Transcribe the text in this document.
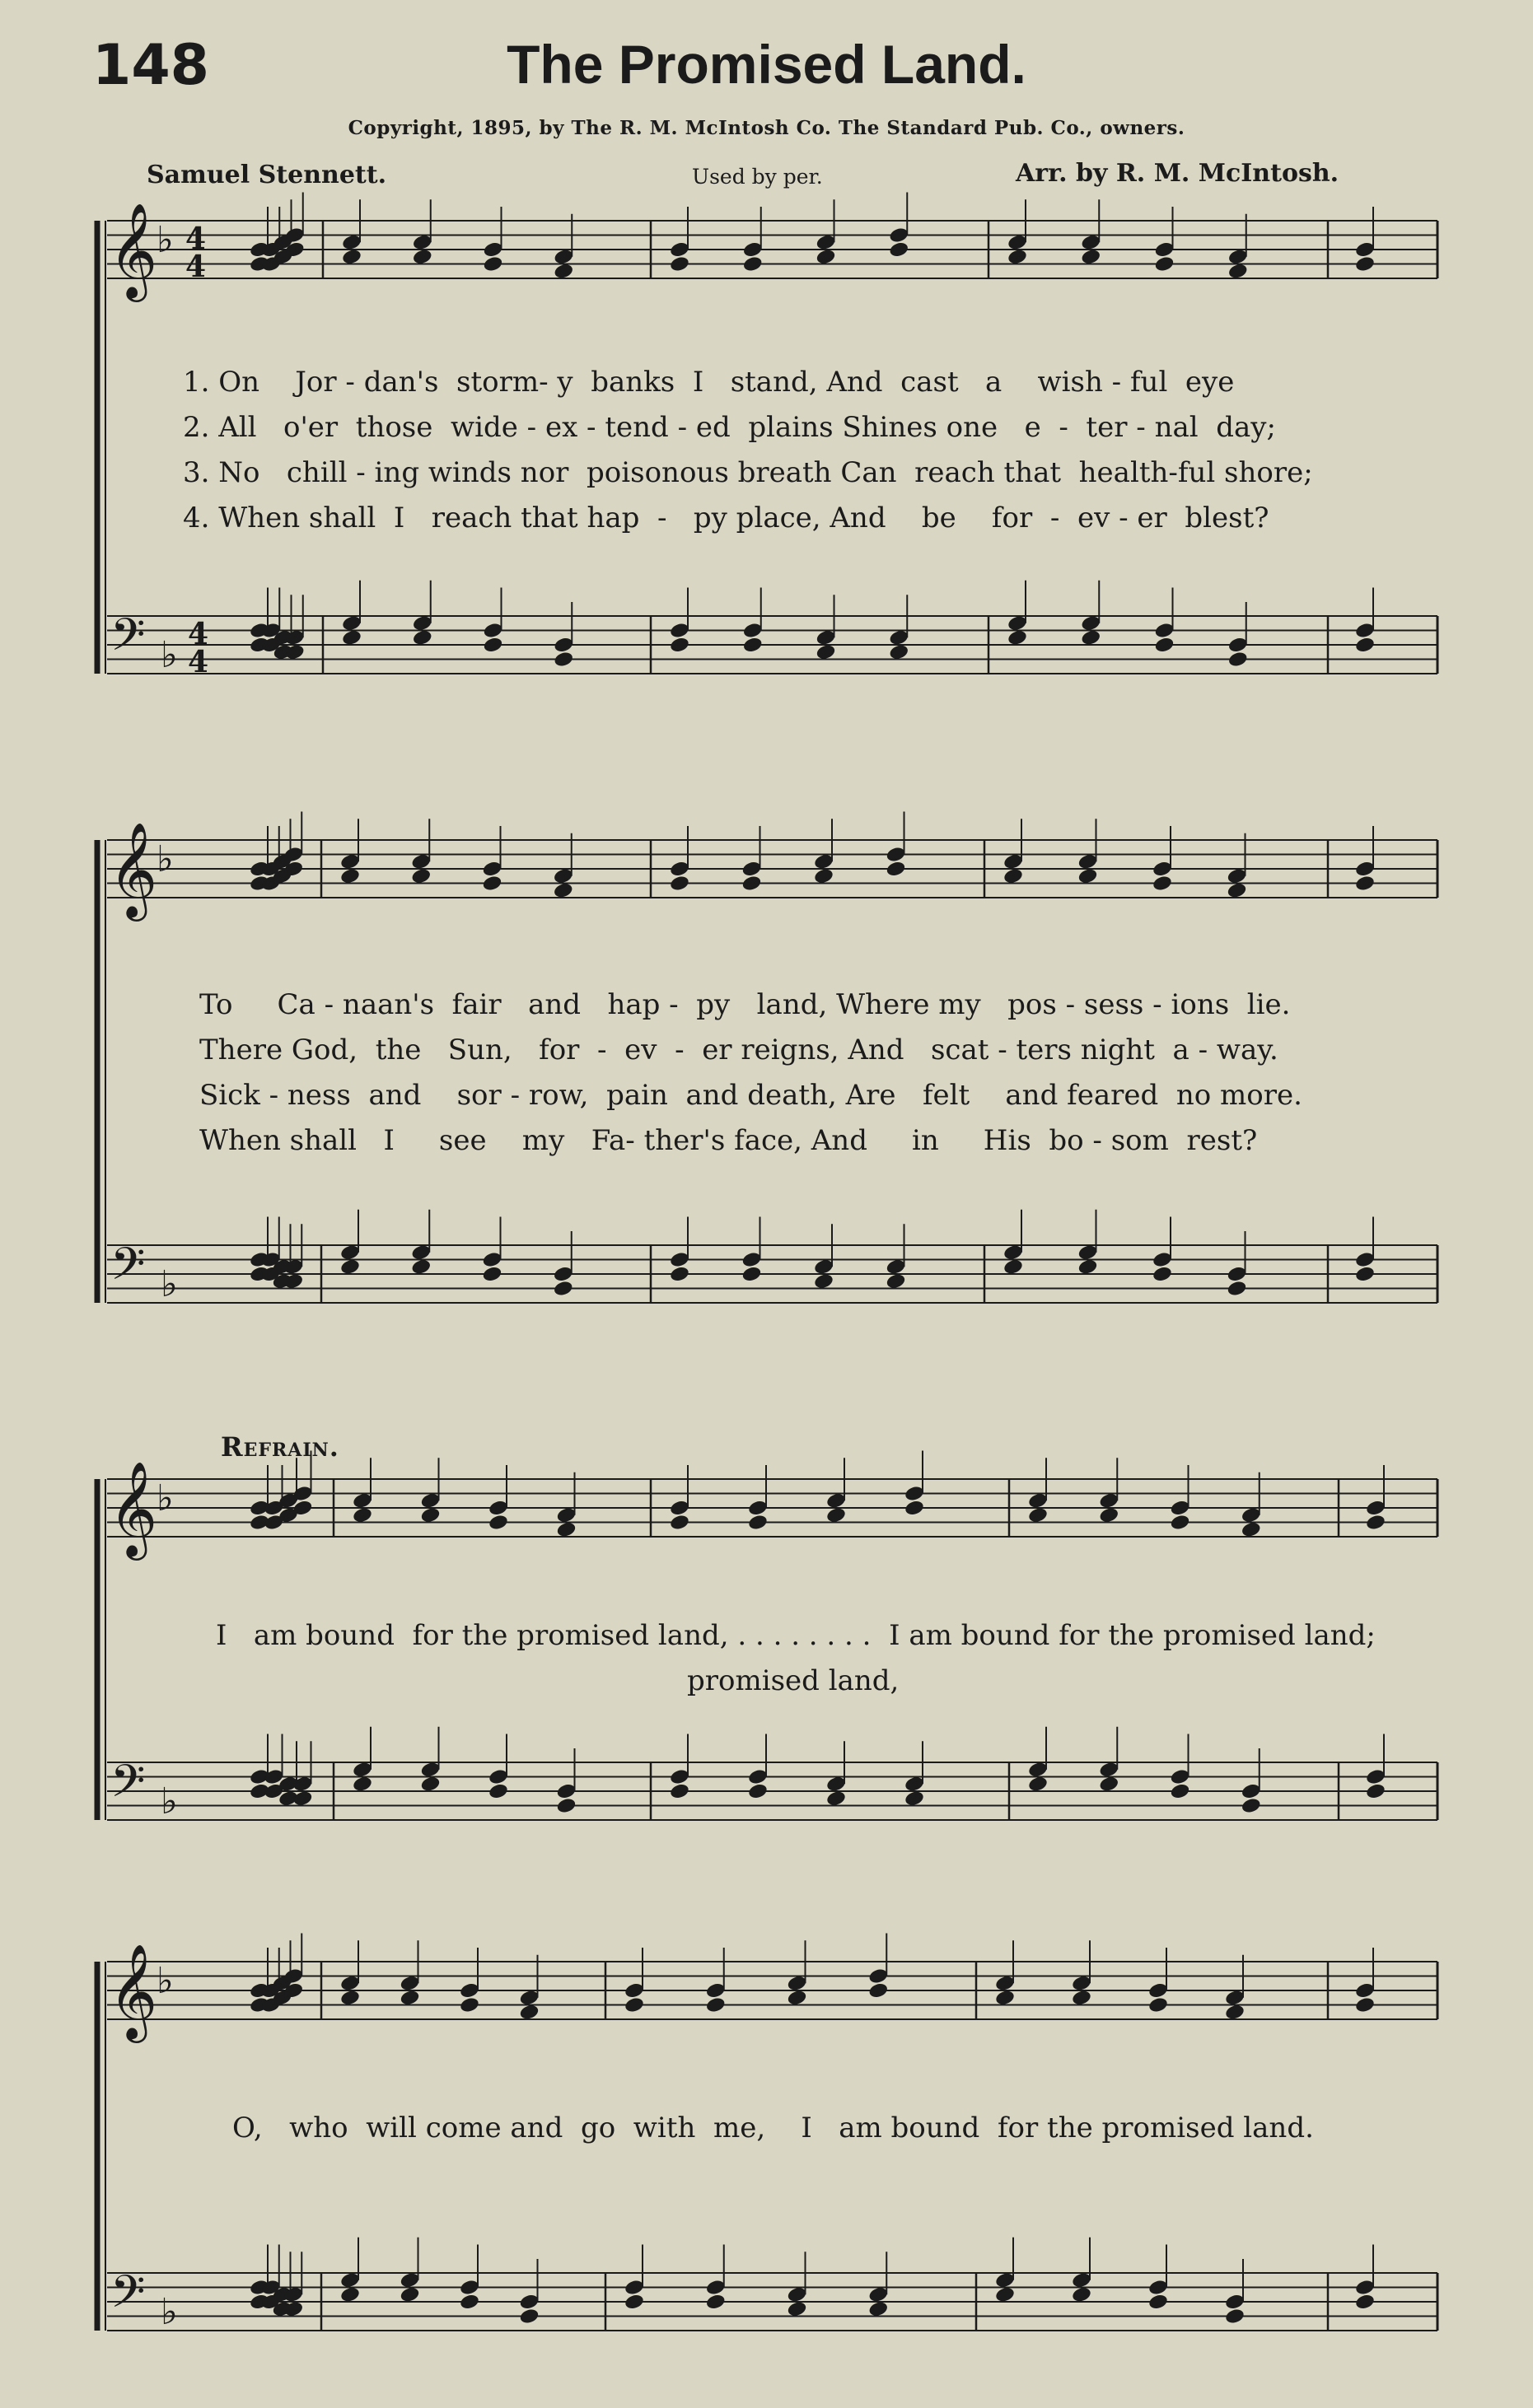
148	The Promised Land.
Copyright, 1895, by The R. M. McIntosh Co. The Standard Pub. Co., owners.
Samuel Stennett.	Used by per.	Arr. by R. M. McIntosh.
𝄞
𝄢
♭
♭
4
4
4
4
𝄞
𝄢
♭
♭
𝄞
𝄢
♭
♭
𝄞
𝄢
♭
♭
1. On    Jor - dan's  storm- y  banks  I   stand, And  cast   a    wish - ful  eye
2. All   o'er  those  wide - ex - tend - ed  plains Shines one   e  -  ter - nal  day;
3. No   chill - ing winds nor  poisonous breath Can  reach that  health-ful shore;
4. When shall  I   reach that hap  -   py place, And    be    for  -  ev - er  blest?
To     Ca - naan's  fair   and   hap -  py   land, Where my   pos - sess - ions  lie.
There God,  the   Sun,   for  -  ev  -  er reigns, And   scat - ters night  a - way.
Sick - ness  and    sor - row,  pain  and death, Are   felt    and feared  no more.
When shall   I     see    my   Fa- ther's face, And     in     His  bo - som  rest?
Refrain.
I   am bound  for the promised land, . . . . . . . .  I am bound for the promised land;
promised land,
O,   who  will come and  go  with  me,    I   am bound  for the promised land.
